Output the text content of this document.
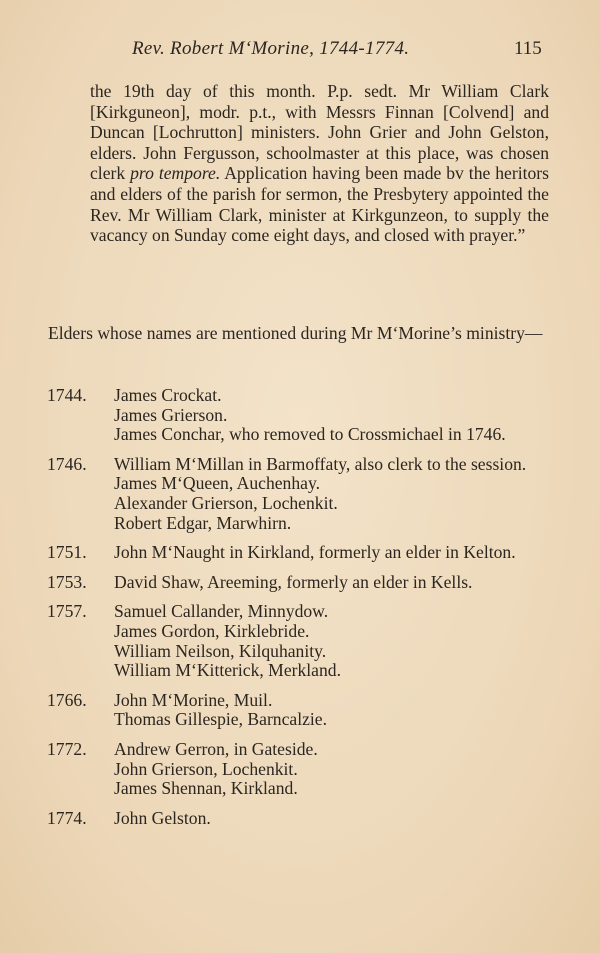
Rev. Robert M‘Morine, 1744-1774.	115

the 19th day of this month. P.p. sedt. Mr William Clark [Kirkguneon], modr. p.t., with Messrs Finnan [Colvend] and Duncan [Lochrutton] ministers. John Grier and John Gelston, elders. John Fergusson, schoolmaster at this place, was chosen clerk pro tempore. Application having been made bv the heritors and elders of the parish for sermon, the Presbytery appointed the Rev. Mr William Clark, minister at Kirkgunzeon, to supply the vacancy on Sunday come eight days, and closed with prayer.”

Elders whose names are mentioned during Mr M‘Morine’s ministry—
1744.	James Crockat.
James Grierson.
James Conchar, who removed to Crossmichael in 1746.
1746.	William M‘Millan in Barmoffaty, also clerk to the session.
James M‘Queen, Auchenhay.
Alexander Grierson, Lochenkit.
Robert Edgar, Marwhirn.
1751.	John M‘Naught in Kirkland, formerly an elder in Kelton.
1753.	David Shaw, Areeming, formerly an elder in Kells.
1757.	Samuel Callander, Minnydow.
James Gordon, Kirklebride.
William Neilson, Kilquhanity.
William M‘Kitterick, Merkland.
1766.	John M‘Morine, Muil.
Thomas Gillespie, Barncalzie.
1772.	Andrew Gerron, in Gateside.
John Grierson, Lochenkit.
James Shennan, Kirkland.
1774.	John Gelston.
